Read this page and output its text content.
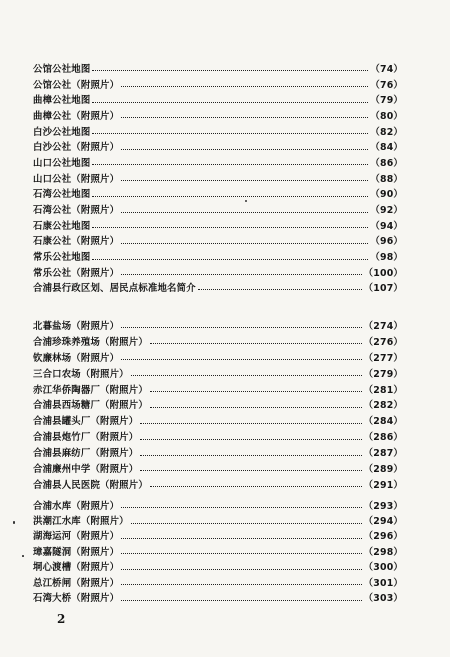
公馆公社地图	（74）
公馆公社（附照片）	（76）
曲樟公社地图	（79）
曲樟公社（附照片）	（80）
白沙公社地图	（82）
白沙公社（附照片）	（84）
山口公社地图	（86）
山口公社（附照片）	（88）
石湾公社地图	（90）
石湾公社（附照片）	（92）
石康公社地图	（94）
石康公社（附照片）	（96）
常乐公社地图	（98）
常乐公社（附照片）	（100）
合浦县行政区划、居民点标准地名简介	（107）
北暮盐场（附照片）	（274）
合浦珍珠养殖场（附照片）	（276）
钦廉林场（附照片）	（277）
三合口农场（附照片）	（279）
赤江华侨陶器厂（附照片）	（281）
合浦县西场糖厂（附照片）	（282）
合浦县罐头厂（附照片）	（284）
合浦县炮竹厂（附照片）	（286）
合浦县麻纺厂（附照片）	（287）
合浦廉州中学（附照片）	（289）
合浦县人民医院（附照片）	（291）
合浦水库（附照片）	（293）
洪潮江水库（附照片）	（294）
湖海运河（附照片）	（296）
璋嘉隧洞（附照片）	（298）
垌心渡槽（附照片）	（300）
总江桥闸（附照片）	（301）
石湾大桥（附照片）	（303）
2
